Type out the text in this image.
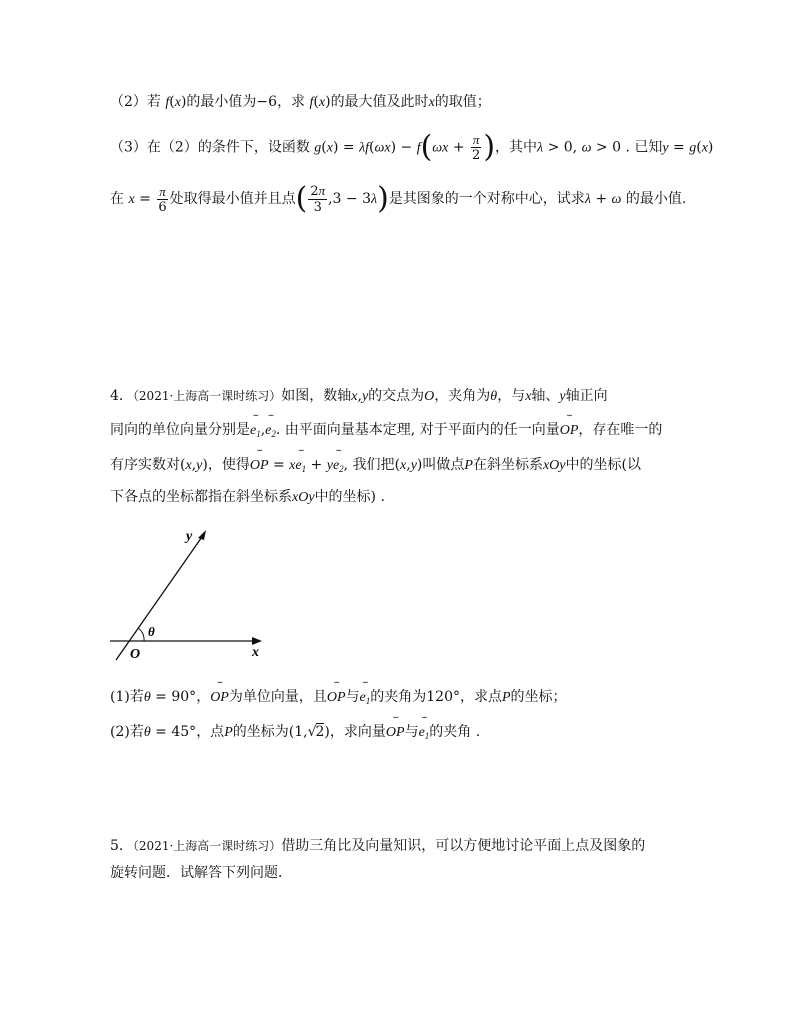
（2）若 f(x)的最小值为−6，求 f(x)的最大值及此时x的取值；
（3）在（2）的条件下，设函数 $g(x) = \lambda f(\omega x) - f(\omega x + \frac{\pi}{2}$ )，其中λ > 0, ω > 0 . 已知y = g(x)
在 $x = \frac{\pi}{6}$ 处取得最小值并且点( $\frac{2\pi}{3} ,3 - 3\lambda$)是其图象的一个对称中心，试求λ + ω 的最小值.
4．（2021·上海高一课时练习）如图，数轴x,y的交点为O，夹角为θ，与x轴、y轴正向
同向的单位向量分别是˘˘ $e_1,˘˘$ $e_2$. 由平面向量基本定理, 对于平面内的任一向量˘˘ OP，存在唯一的
有序实数对(x,y)，使得˘˘ OP = x˘˘ $e_1$ + y˘˘ $e_2$, 我们把(x,y)叫做点P在斜坐标系xOy中的坐标(以
下各点的坐标都指在斜坐标系xOy中的坐标) .
y
x
O
θ
(1)若θ = 90°，˘˘ OP为单位向量，且˘˘ OP与˘˘ $e_1$的夹角为120°，求点P的坐标；
(2)若θ = 45°，点P的坐标为(1,√2)，求向量˘˘ OP与˘˘ $e_1$的夹角 .
5．（2021·上海高一课时练习）借助三角比及向量知识，可以方便地讨论平面上点及图象的
旋转问题．试解答下列问题．
